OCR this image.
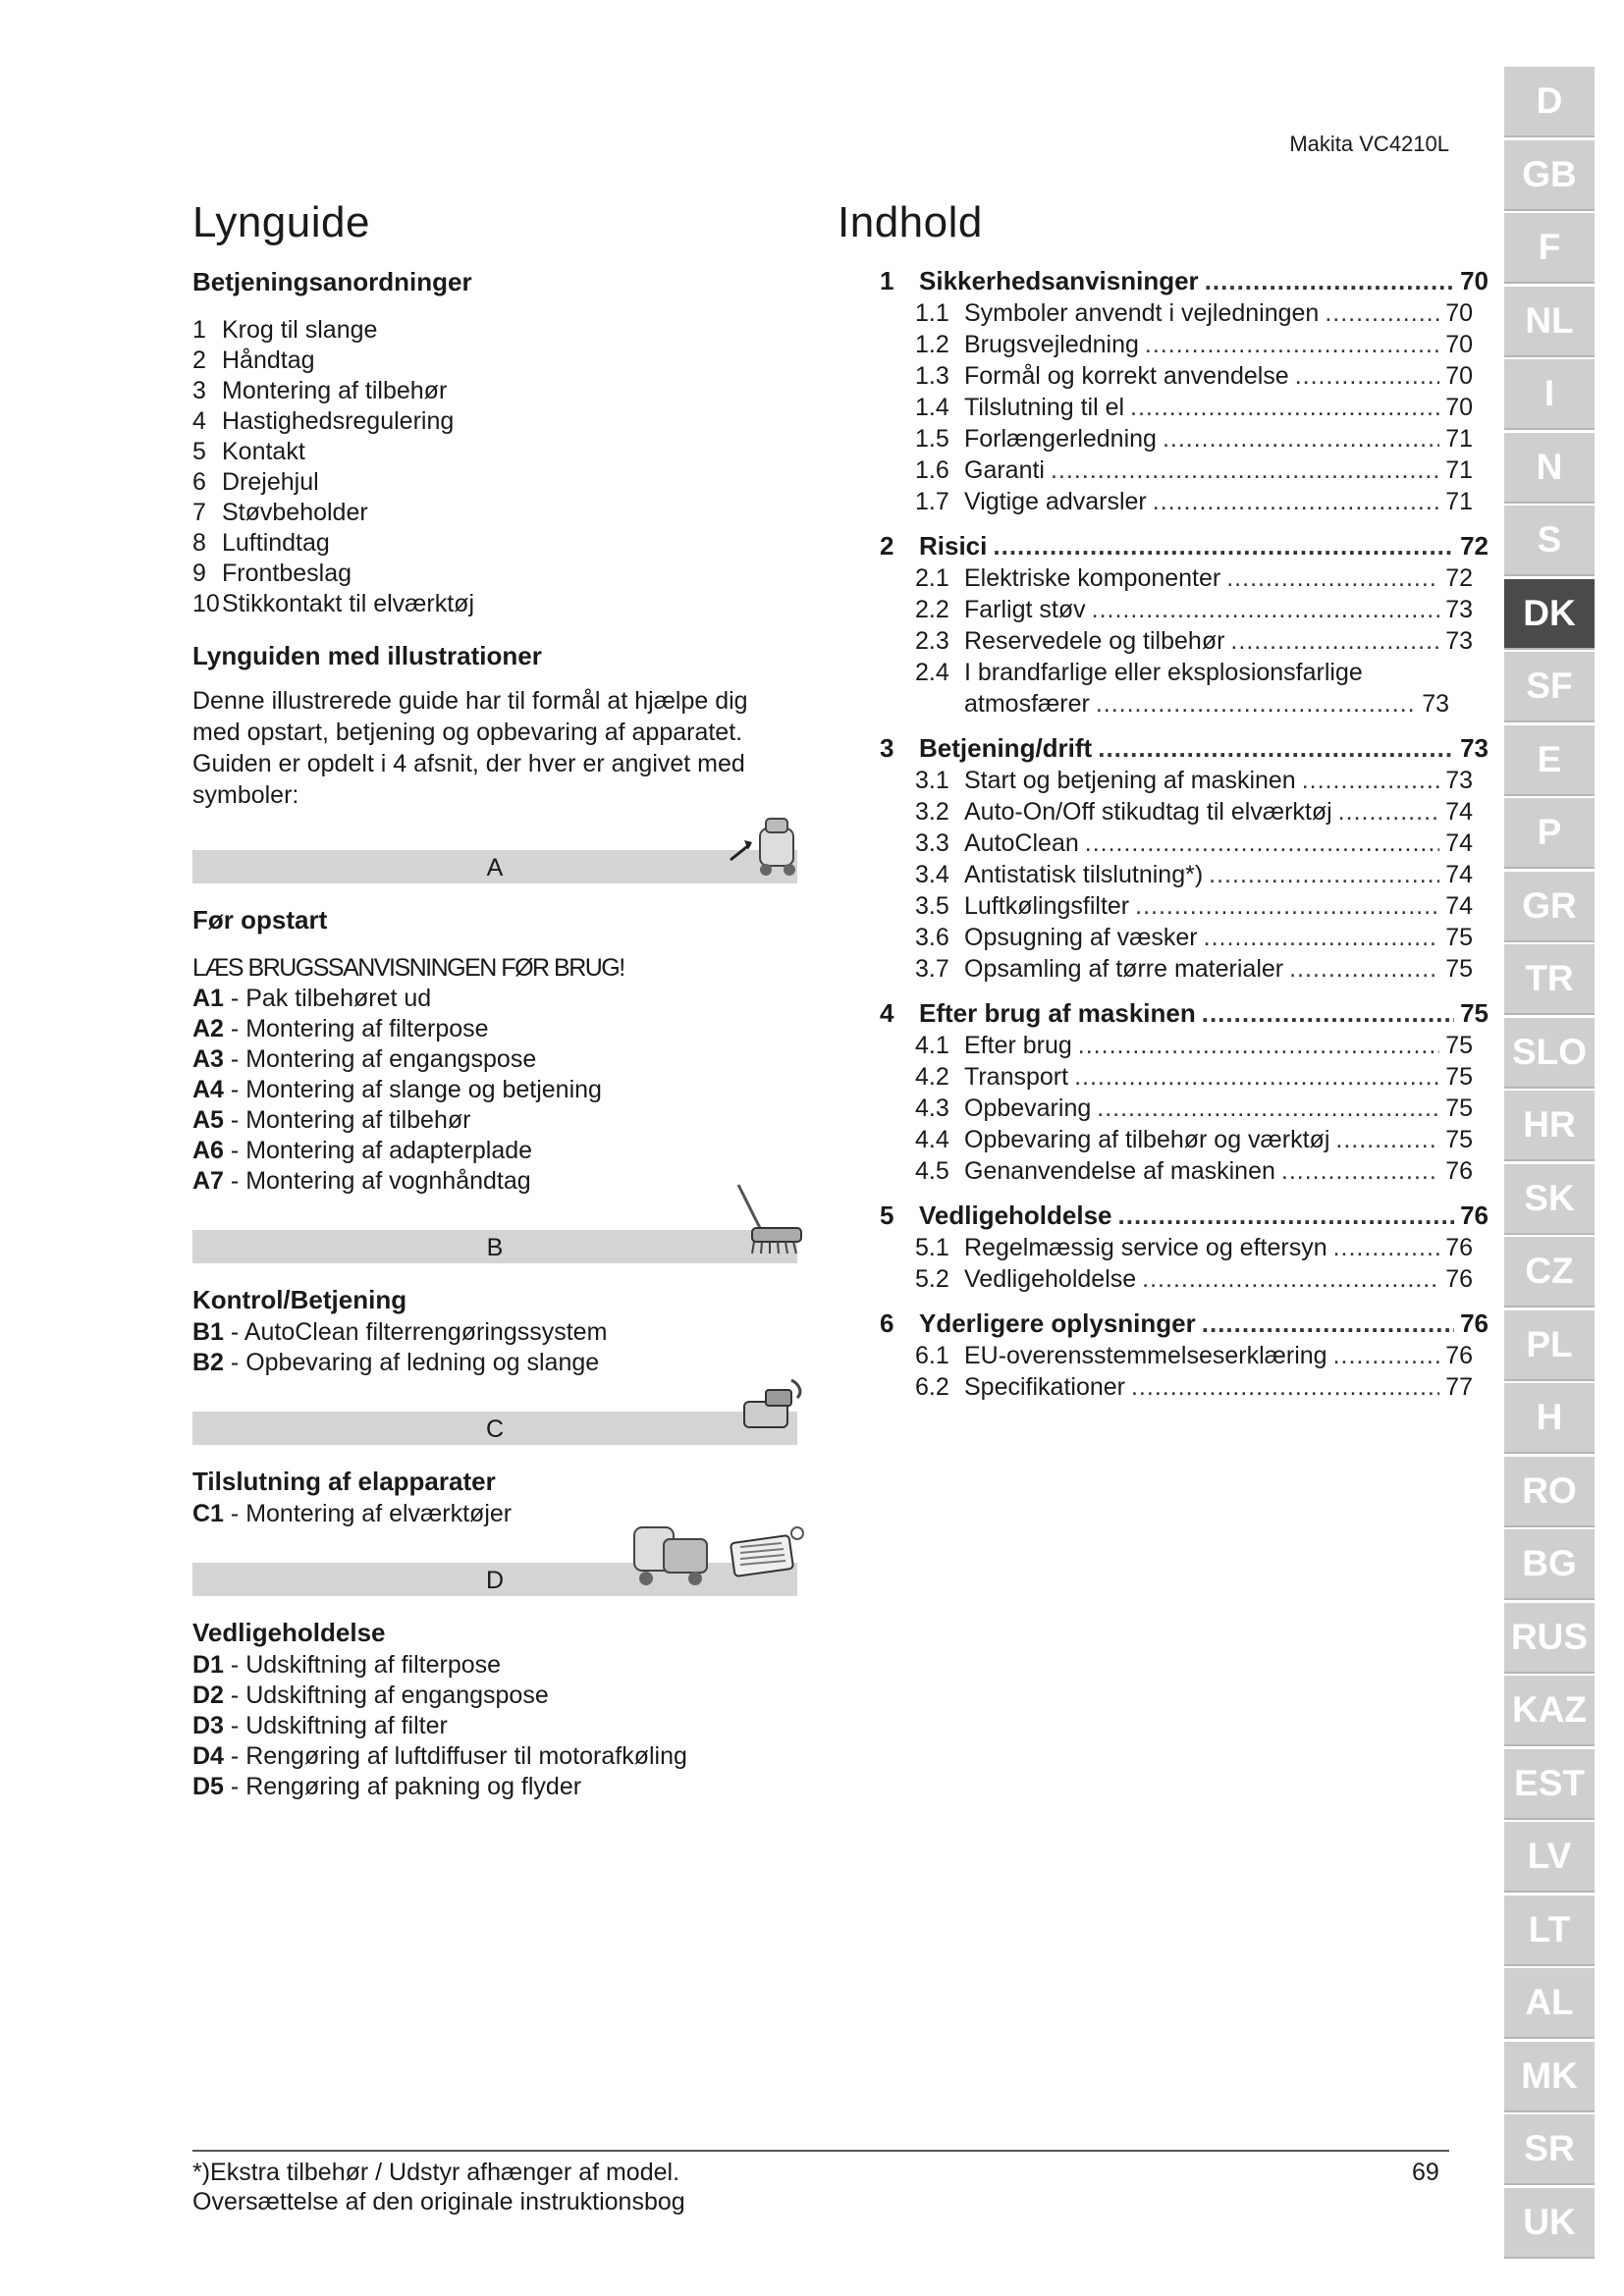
Makita VC4210L
Lynguide	Indhold
Betjeningsanordninger
1 Krog til slange
2 Håndtag
3 Montering af tilbehør
4 Hastighedsregulering
5 Kontakt
6 Drejehjul
7 Støvbeholder
8 Luftindtag
9 Frontbeslag
10 Stikkontakt til elværktøj
Lynguiden med illustrationer
Denne illustrerede guide har til formål at hjælpe dig med opstart, betjening og opbevaring af apparatet. Guiden er opdelt i 4 afsnit, der hver er angivet med symboler:
A
Før opstart
LÆS BRUGSSANVISNINGEN FØR BRUG!
A1 - Pak tilbehøret ud
A2 - Montering af filterpose
A3 - Montering af engangspose
A4 - Montering af slange og betjening
A5 - Montering af tilbehør
A6 - Montering af adapterplade
A7 - Montering af vognhåndtag
B
Kontrol/Betjening
B1 - AutoClean filterrengøringssystem
B2 - Opbevaring af ledning og slange
C
Tilslutning af elapparater
C1 - Montering af elværktøjer
D
Vedligeholdelse
D1 - Udskiftning af filterpose
D2 - Udskiftning af engangspose
D3 - Udskiftning af filter
D4 - Rengøring af luftdiffuser til motorafkøling
D5 - Rengøring af pakning og flyder
1 Sikkerhedsanvisninger .....	70
1.1 Symboler anvendt i vejledningen .....	70
1.2 Brugsvejledning .....	70
1.3 Formål og korrekt anvendelse .....	70
1.4 Tilslutning til el .....	70
1.5 Forlængerledning .....	71
1.6 Garanti .....	71
1.7 Vigtige advarsler .....	71
2 Risici .....	72
2.1 Elektriske komponenter .....	72
2.2 Farligt støv .....	73
2.3 Reservedele og tilbehør .....	73
2.4 I brandfarlige eller eksplosionsfarlige
atmosfærer .....	73
3 Betjening/drift .....	73
3.1 Start og betjening af maskinen .....	73
3.2 Auto-On/Off stikudtag til elværktøj .....	74
3.3 AutoClean .....	74
3.4 Antistatisk tilslutning*) .....	74
3.5 Luftkølingsfilter .....	74
3.6 Opsugning af væsker .....	75
3.7 Opsamling af tørre materialer .....	75
4 Efter brug af maskinen .....	75
4.1 Efter brug .....	75
4.2 Transport .....	75
4.3 Opbevaring .....	75
4.4 Opbevaring af tilbehør og værktøj .....	75
4.5 Genanvendelse af maskinen .....	76
5 Vedligeholdelse .....	76
5.1 Regelmæssig service og eftersyn .....	76
5.2 Vedligeholdelse .....	76
6 Yderligere oplysninger .....	76
6.1 EU-overensstemmelseserklæring .....	76
6.2 Specifikationer .....	77
D
GB
F
NL
I
N
S
DK
SF
E
P
GR
TR
SLO
HR
SK
CZ
PL
H
RO
BG
RUS
KAZ
EST
LV
LT
AL
MK
SR
UK
*)Ekstra tilbehør / Udstyr afhænger af model.
Oversættelse af den originale instruktionsbog
69
